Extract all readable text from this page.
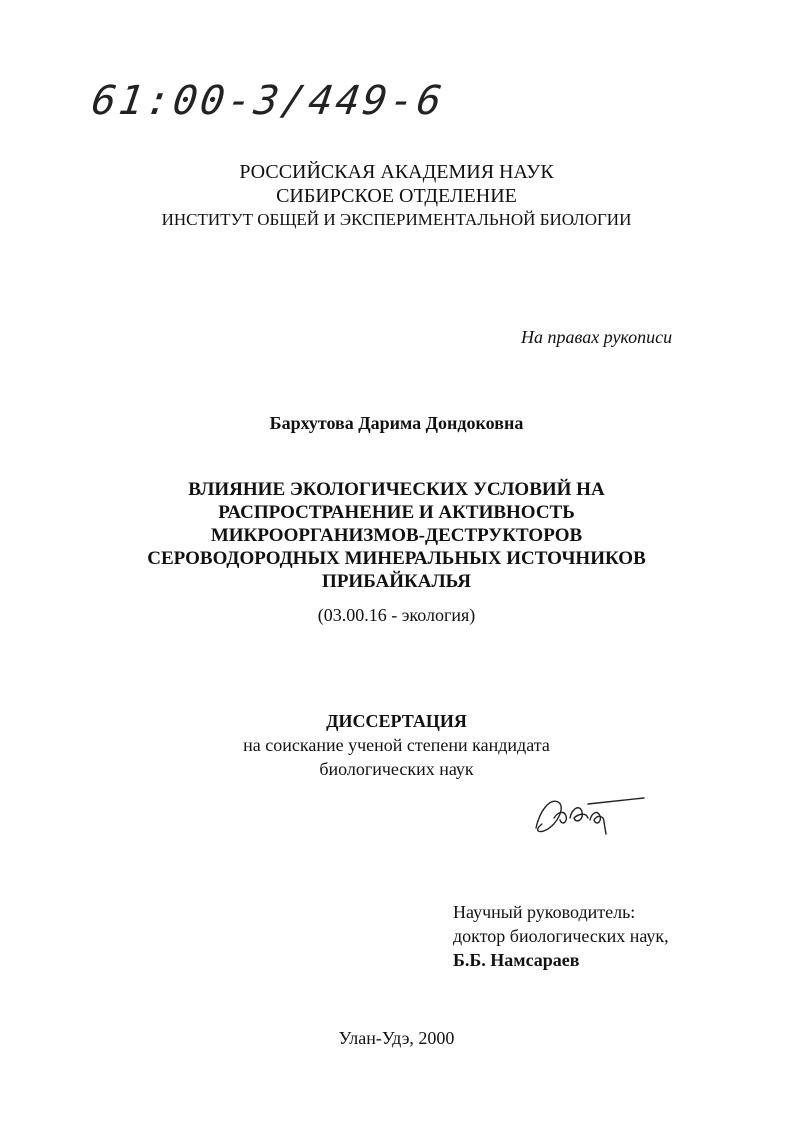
61:00-3/449-6
РОССИЙСКАЯ АКАДЕМИЯ НАУК
СИБИРСКОЕ ОТДЕЛЕНИЕ
ИНСТИТУТ ОБЩЕЙ И ЭКСПЕРИМЕНТАЛЬНОЙ БИОЛОГИИ
На правах рукописи
Бархутова Дарима Дондоковна
ВЛИЯНИЕ ЭКОЛОГИЧЕСКИХ УСЛОВИЙ НА
РАСПРОСТРАНЕНИЕ И АКТИВНОСТЬ
МИКРООРГАНИЗМОВ-ДЕСТРУКТОРОВ
СЕРОВОДОРОДНЫХ МИНЕРАЛЬНЫХ ИСТОЧНИКОВ
ПРИБАЙКАЛЬЯ
(03.00.16 - экология)
ДИССЕРТАЦИЯ
на соискание ученой степени кандидата
биологических наук
Научный руководитель:
доктор биологических наук,
Б.Б. Намсараев
Улан-Удэ, 2000
